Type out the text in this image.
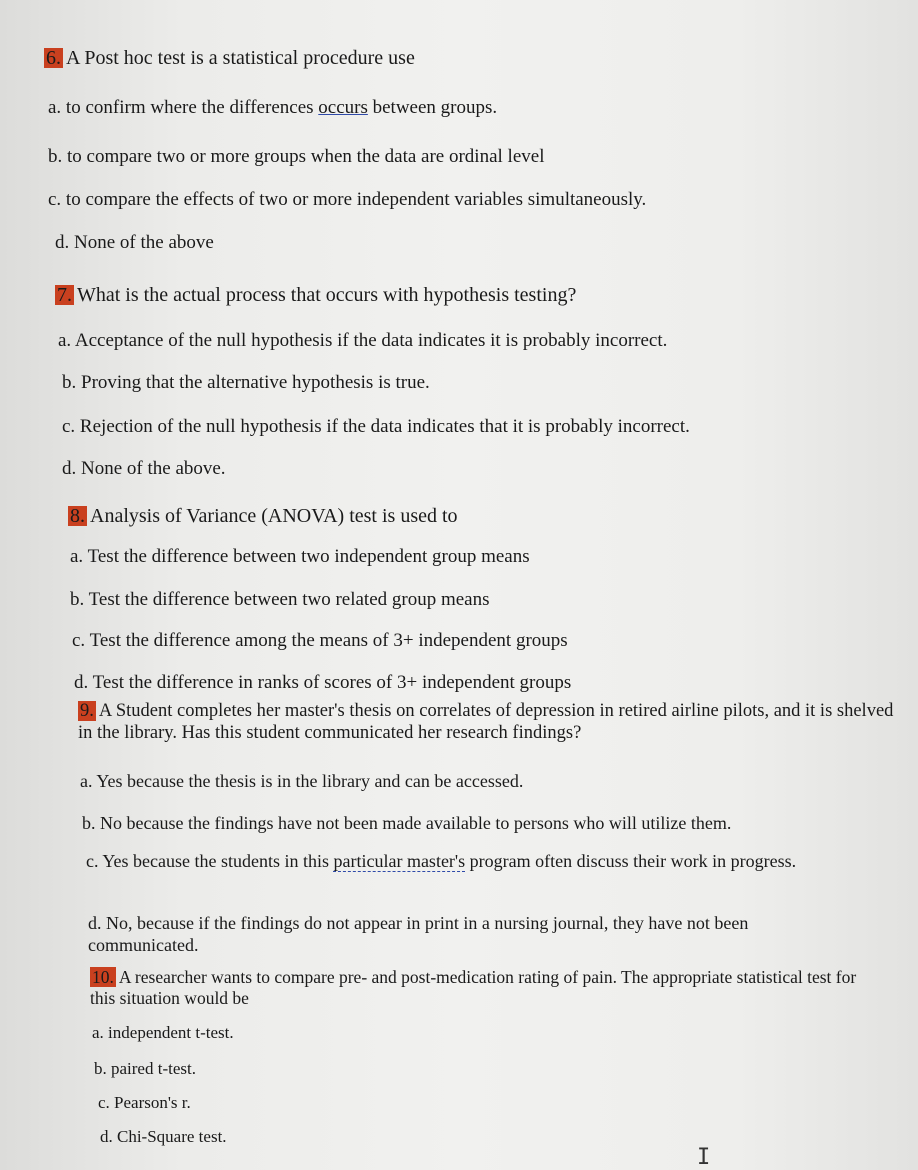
6. A Post hoc test is a statistical procedure use
a. to confirm where the differences occurs between groups.
b. to compare two or more groups when the data are ordinal level
c. to compare the effects of two or more independent variables simultaneously.
d. None of the above
7. What is the actual process that occurs with hypothesis testing?
a. Acceptance of the null hypothesis if the data indicates it is probably incorrect.
b. Proving that the alternative hypothesis is true.
c. Rejection of the null hypothesis if the data indicates that it is probably incorrect.
d. None of the above.
8. Analysis of Variance (ANOVA) test is used to
a. Test the difference between two independent group means
b. Test the difference between two related group means
c. Test the difference among the means of 3+ independent groups
d. Test the difference in ranks of scores of 3+ independent groups
9. A Student completes her master's thesis on correlates of depression in retired airline pilots, and it is shelved in the library. Has this student communicated her research findings?
a. Yes because the thesis is in the library and can be accessed.
b. No because the findings have not been made available to persons who will utilize them.
c. Yes because the students in this particular master's program often discuss their work in progress.
d. No, because if the findings do not appear in print in a nursing journal, they have not been communicated.
10. A researcher wants to compare pre- and post-medication rating of pain. The appropriate statistical test for this situation would be
a. independent t-test.
b. paired t-test.
c. Pearson's r.
d. Chi-Square test.
I
